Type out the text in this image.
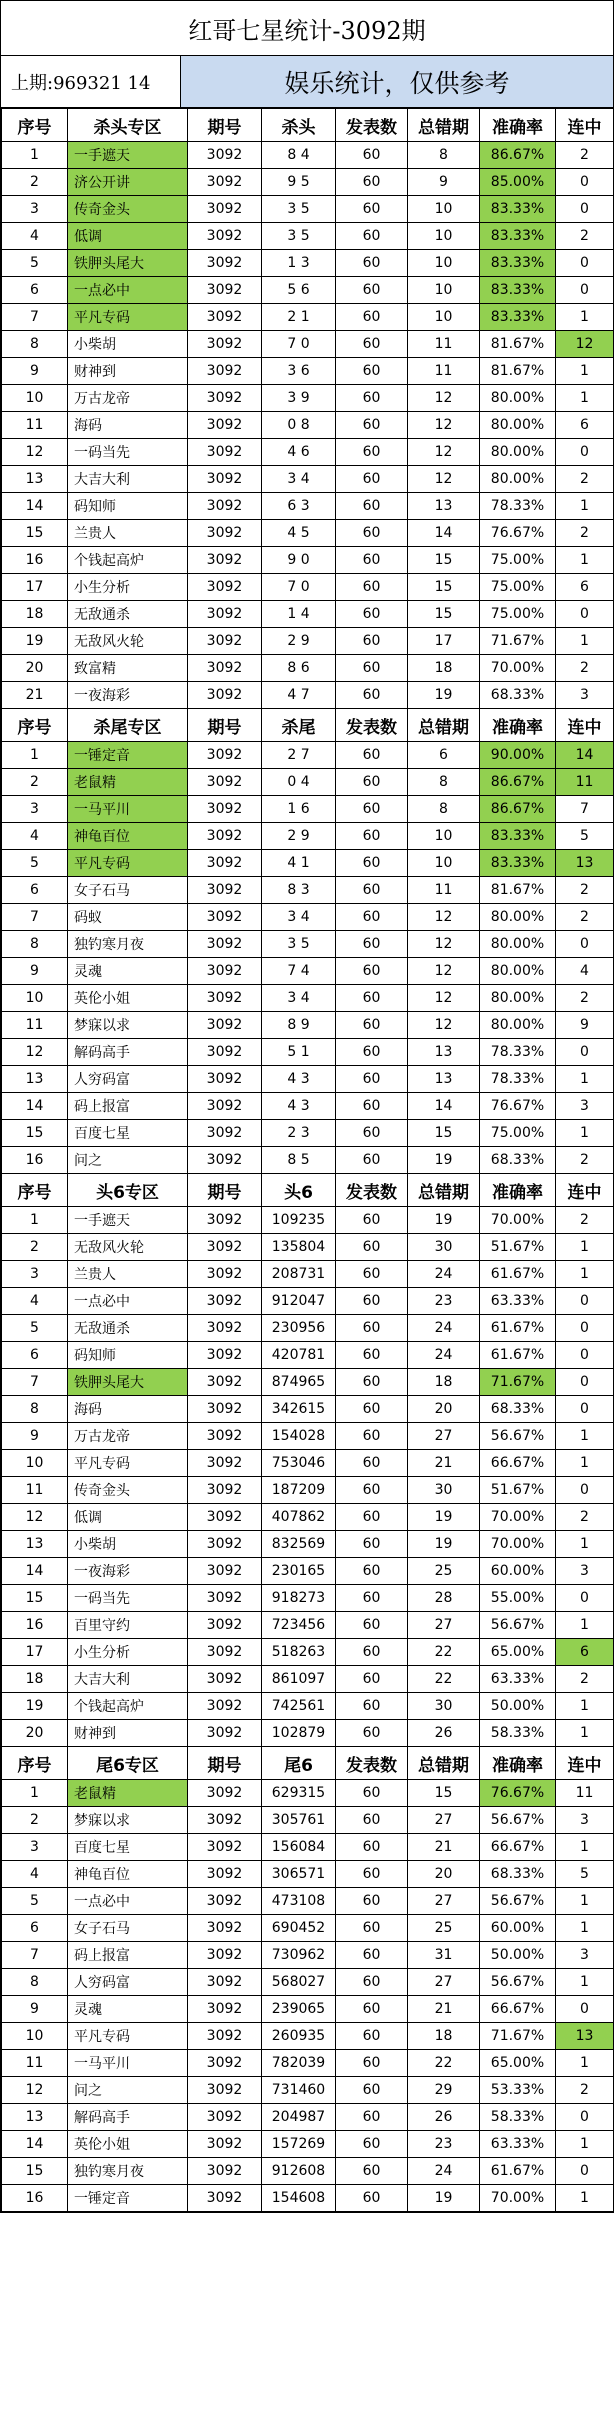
红哥七星统计-3092期
上期:969321 14	娱乐统计，仅供参考
序号	杀头专区	期号	杀头	发表数	总错期	准确率	连中
1	一手遮天	3092	8 4	60	8	86.67%	2
2	济公开讲	3092	9 5	60	9	85.00%	0
3	传奇金头	3092	3 5	60	10	83.33%	0
4	低调	3092	3 5	60	10	83.33%	2
5	铁胛头尾大	3092	1 3	60	10	83.33%	0
6	一点必中	3092	5 6	60	10	83.33%	0
7	平凡专码	3092	2 1	60	10	83.33%	1
8	小柴胡	3092	7 0	60	11	81.67%	12
9	财神到	3092	3 6	60	11	81.67%	1
10	万古龙帝	3092	3 9	60	12	80.00%	1
11	海码	3092	0 8	60	12	80.00%	6
12	一码当先	3092	4 6	60	12	80.00%	0
13	大吉大利	3092	3 4	60	12	80.00%	2
14	码知师	3092	6 3	60	13	78.33%	1
15	兰贵人	3092	4 5	60	14	76.67%	2
16	个钱起高炉	3092	9 0	60	15	75.00%	1
17	小生分析	3092	7 0	60	15	75.00%	6
18	无敌通杀	3092	1 4	60	15	75.00%	0
19	无敌风火轮	3092	2 9	60	17	71.67%	1
20	致富精	3092	8 6	60	18	70.00%	2
21	一夜海彩	3092	4 7	60	19	68.33%	3
序号	杀尾专区	期号	杀尾	发表数	总错期	准确率	连中
1	一锤定音	3092	2 7	60	6	90.00%	14
2	老鼠精	3092	0 4	60	8	86.67%	11
3	一马平川	3092	1 6	60	8	86.67%	7
4	神龟百位	3092	2 9	60	10	83.33%	5
5	平凡专码	3092	4 1	60	10	83.33%	13
6	女子石马	3092	8 3	60	11	81.67%	2
7	码蚁	3092	3 4	60	12	80.00%	2
8	独钓寒月夜	3092	3 5	60	12	80.00%	0
9	灵魂	3092	7 4	60	12	80.00%	4
10	英伦小姐	3092	3 4	60	12	80.00%	2
11	梦寐以求	3092	8 9	60	12	80.00%	9
12	解码高手	3092	5 1	60	13	78.33%	0
13	人穷码富	3092	4 3	60	13	78.33%	1
14	码上报富	3092	4 3	60	14	76.67%	3
15	百度七星	3092	2 3	60	15	75.00%	1
16	问之	3092	8 5	60	19	68.33%	2
序号	头6专区	期号	头6	发表数	总错期	准确率	连中
1	一手遮天	3092	109235	60	19	70.00%	2
2	无敌风火轮	3092	135804	60	30	51.67%	1
3	兰贵人	3092	208731	60	24	61.67%	1
4	一点必中	3092	912047	60	23	63.33%	0
5	无敌通杀	3092	230956	60	24	61.67%	0
6	码知师	3092	420781	60	24	61.67%	0
7	铁胛头尾大	3092	874965	60	18	71.67%	0
8	海码	3092	342615	60	20	68.33%	0
9	万古龙帝	3092	154028	60	27	56.67%	1
10	平凡专码	3092	753046	60	21	66.67%	1
11	传奇金头	3092	187209	60	30	51.67%	0
12	低调	3092	407862	60	19	70.00%	2
13	小柴胡	3092	832569	60	19	70.00%	1
14	一夜海彩	3092	230165	60	25	60.00%	3
15	一码当先	3092	918273	60	28	55.00%	0
16	百里守约	3092	723456	60	27	56.67%	1
17	小生分析	3092	518263	60	22	65.00%	6
18	大吉大利	3092	861097	60	22	63.33%	2
19	个钱起高炉	3092	742561	60	30	50.00%	1
20	财神到	3092	102879	60	26	58.33%	1
序号	尾6专区	期号	尾6	发表数	总错期	准确率	连中
1	老鼠精	3092	629315	60	15	76.67%	11
2	梦寐以求	3092	305761	60	27	56.67%	3
3	百度七星	3092	156084	60	21	66.67%	1
4	神龟百位	3092	306571	60	20	68.33%	5
5	一点必中	3092	473108	60	27	56.67%	1
6	女子石马	3092	690452	60	25	60.00%	1
7	码上报富	3092	730962	60	31	50.00%	3
8	人穷码富	3092	568027	60	27	56.67%	1
9	灵魂	3092	239065	60	21	66.67%	0
10	平凡专码	3092	260935	60	18	71.67%	13
11	一马平川	3092	782039	60	22	65.00%	1
12	问之	3092	731460	60	29	53.33%	2
13	解码高手	3092	204987	60	26	58.33%	0
14	英伦小姐	3092	157269	60	23	63.33%	1
15	独钓寒月夜	3092	912608	60	24	61.67%	0
16	一锤定音	3092	154608	60	19	70.00%	1
